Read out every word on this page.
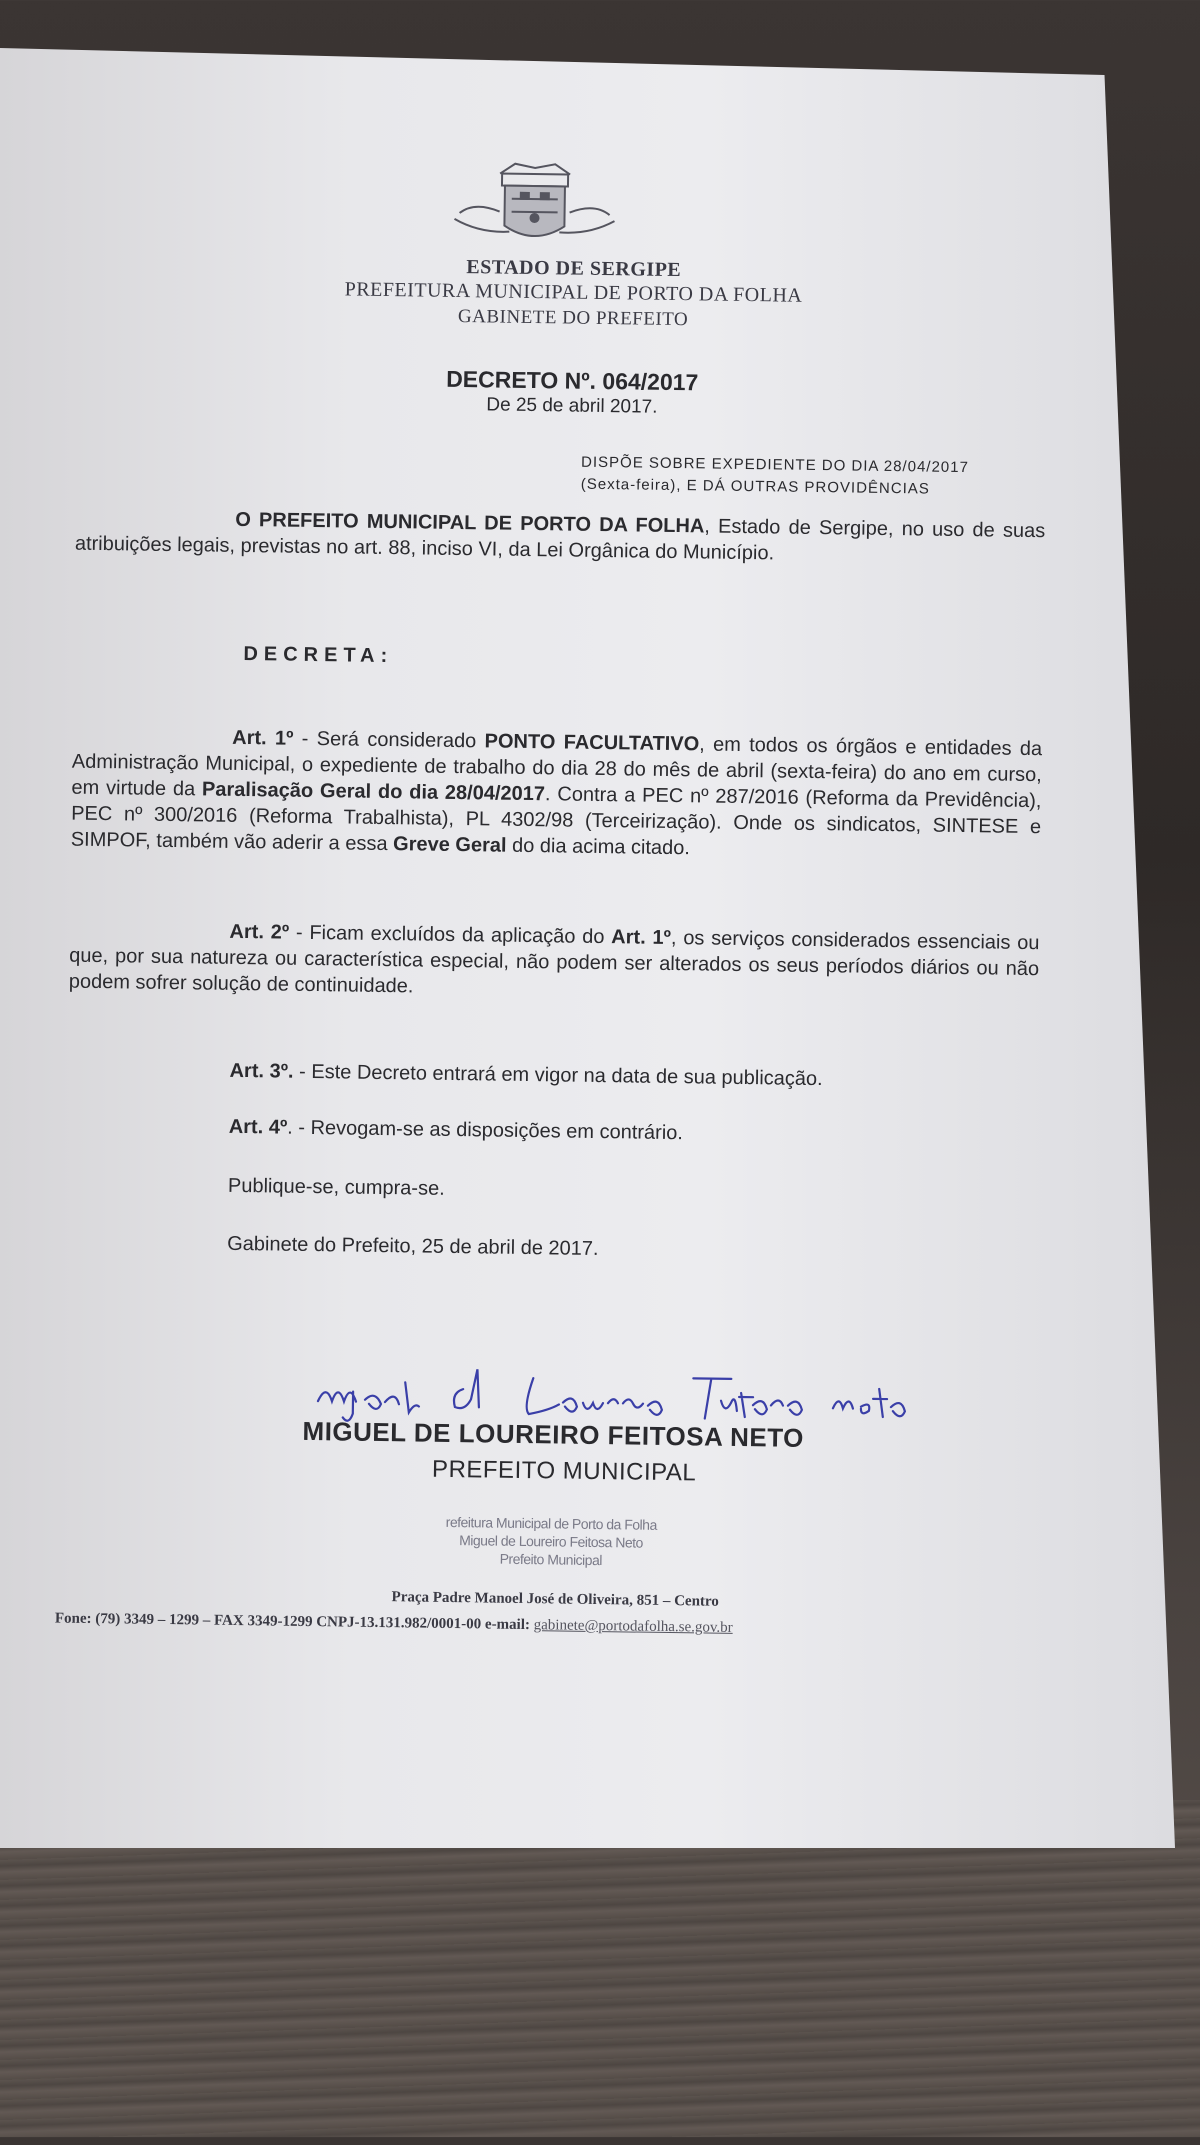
ESTADO DE SERGIPE
PREFEITURA MUNICIPAL DE PORTO DA FOLHA
GABINETE DO PREFEITO
DECRETO Nº. 064/2017
De 25 de abril 2017.
DISPÕE SOBRE EXPEDIENTE DO DIA 28/04/2017
(Sexta-feira), E DÁ OUTRAS PROVIDÊNCIAS
O PREFEITO MUNICIPAL DE PORTO DA FOLHA, Estado de Sergipe, no uso de suas atribuições legais, previstas no art. 88, inciso VI, da Lei Orgânica do Município.
DECRETA:
Art. 1º - Será considerado PONTO FACULTATIVO, em todos os órgãos e entidades da Administração Municipal, o expediente de trabalho do dia 28 do mês de abril (sexta-feira) do ano em curso, em virtude da Paralisação Geral do dia 28/04/2017. Contra a PEC nº 287/2016 (Reforma da Previdência), PEC nº 300/2016 (Reforma Trabalhista), PL 4302/98 (Terceirização). Onde os sindicatos, SINTESE e SIMPOF, também vão aderir a essa Greve Geral do dia acima citado.
Art. 2º - Ficam excluídos da aplicação do Art. 1º, os serviços considerados essenciais ou que, por sua natureza ou característica especial, não podem ser alterados os seus períodos diários ou não podem sofrer solução de continuidade.
Art. 3º. - Este Decreto entrará em vigor na data de sua publicação.
Art. 4º. - Revogam-se as disposições em contrário.
Publique-se, cumpra-se.
Gabinete do Prefeito, 25 de abril de 2017.
miguel de Loureiro Feitosa neto
MIGUEL DE LOUREIRO FEITOSA NETO
PREFEITO MUNICIPAL
refeitura Municipal de Porto da Folha
Miguel de Loureiro Feitosa Neto
Prefeito Municipal
Praça Padre Manoel José de Oliveira, 851 – Centro
Fone: (79) 3349 – 1299 – FAX 3349-1299 CNPJ-13.131.982/0001-00 e-mail: gabinete@portodafolha.se.gov.br
